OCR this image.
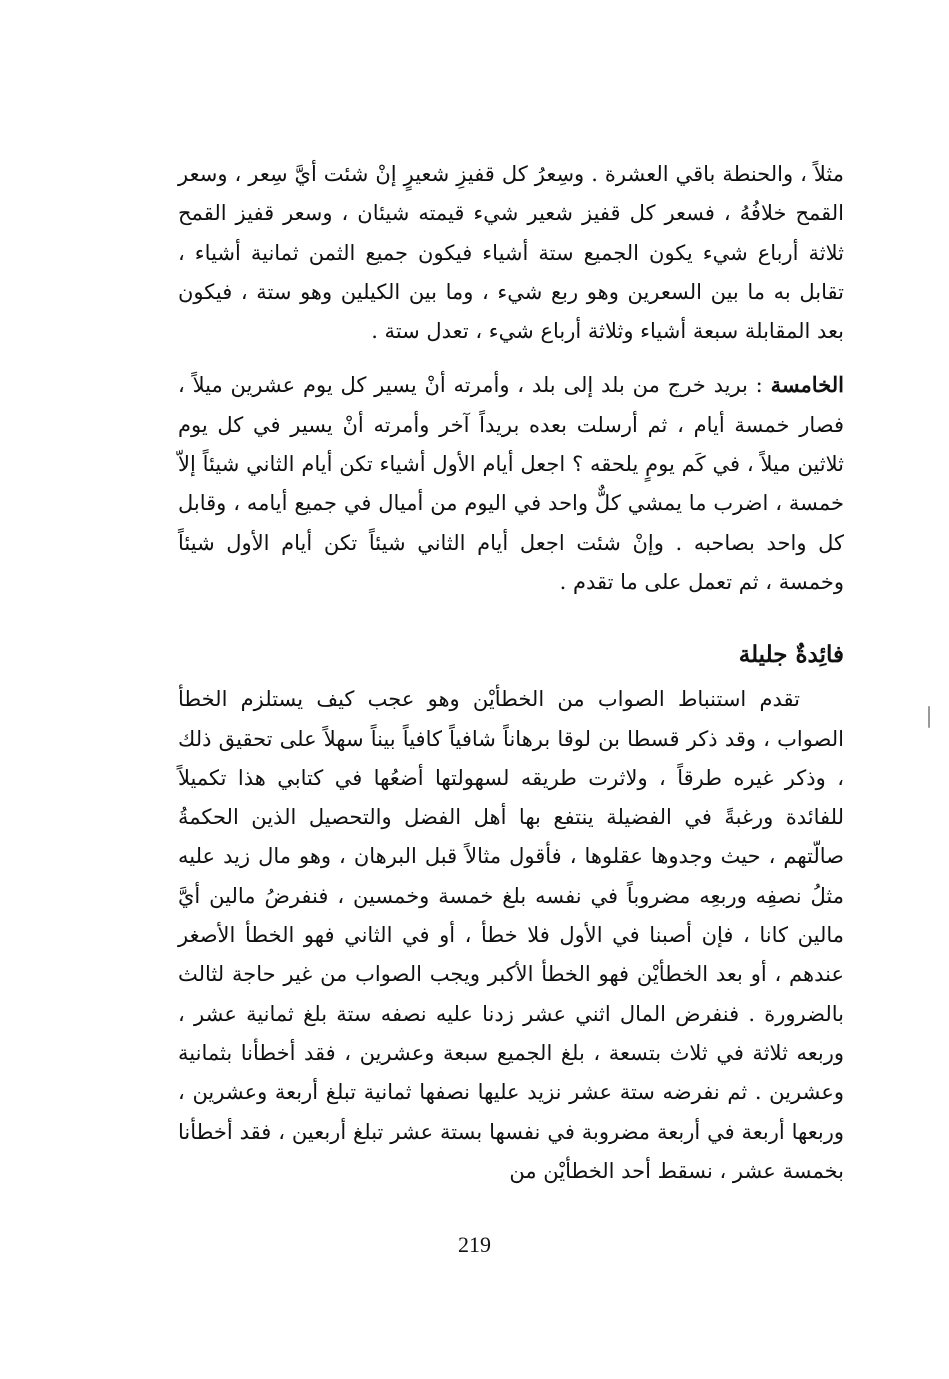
مثلاً ، والحنطة باقي العشرة . وسِعرُ كل قفيزِ شعيرٍ إنْ شئت أيَّ سِعر ، وسعر القمح خلافُهُ ، فسعر كل قفيز شعير شيء قيمته شيئان ، وسعر قفيز القمح ثلاثة أرباع شيء يكون الجميع ستة أشياء فيكون جميع الثمن ثمانية أشياء ، تقابل به ما بين السعرين وهو ربع شيء ، وما بين الكيلين وهو ستة ، فيكون بعد المقابلة سبعة أشياء وثلاثة أرباع شيء ، تعدل ستة .

الخامسة : بريد خرج من بلد إلى بلد ، وأمرته أنْ يسير كل يوم عشرين ميلاً ، فصار خمسة أيام ، ثم أرسلت بعده بريداً آخر وأمرته أنْ يسير في كل يوم ثلاثين ميلاً ، في كَم يومٍ يلحقه ؟ اجعل أيام الأول أشياء تكن أيام الثاني شيئاً إلاّ خمسة ، اضرب ما يمشي كلٌّ واحد في اليوم من أميال في جميع أيامه ، وقابل كل واحد بصاحبه . وإنْ شئت اجعل أيام الثاني شيئاً تكن أيام الأول شيئاً وخمسة ، ثم تعمل على ما تقدم .

فائِدةٌ جليلة

تقدم استنباط الصواب من الخطأيْن وهو عجب كيف يستلزم الخطأ الصواب ، وقد ذكر قسطا بن لوقا برهاناً شافياً كافياً بيناً سهلاً على تحقيق ذلك ، وذكر غيره طرقاً ، ولاثرت طريقه لسهولتها أضعُها في كتابي هذا تكميلاً للفائدة ورغبةً في الفضيلة ينتفع بها أهل الفضل والتحصيل الذين الحكمةُ صالّتهم ، حيث وجدوها عقلوها ، فأقول مثالاً قبل البرهان ، وهو مال زيد عليه مثلُ نصفِه وربعِه مضروباً في نفسه بلغ خمسة وخمسين ، فنفرضُ مالين أيَّ مالين كانا ، فإن أصبنا في الأول فلا خطأ ، أو في الثاني فهو الخطأ الأصغر عندهم ، أو بعد الخطأيْن فهو الخطأ الأكبر ويجب الصواب من غير حاجة لثالث بالضرورة . فنفرض المال اثني عشر زدنا عليه نصفه ستة بلغ ثمانية عشر ، وربعه ثلاثة في ثلاث بتسعة ، بلغ الجميع سبعة وعشرين ، فقد أخطأنا بثمانية وعشرين . ثم نفرضه ستة عشر نزيد عليها نصفها ثمانية تبلغ أربعة وعشرين ، وربعها أربعة في أربعة مضروبة في نفسها بستة عشر تبلغ أربعين ، فقد أخطأنا بخمسة عشر ، نسقط أحد الخطأيْن من

219
